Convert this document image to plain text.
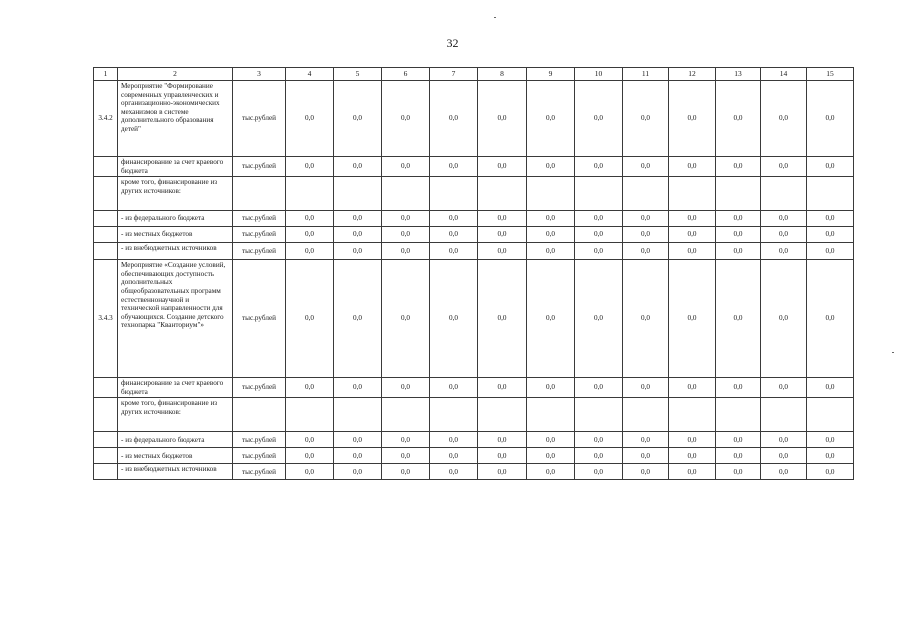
32
1	2	3	4	5	6	7	8	9	10	11	12	13	14	15
3.4.2	Мероприятие "Формирование современных управленческих и организационно-экономических механизмов в системе дополнительного образования детей"	тыс.рублей	0,0	0,0	0,0	0,0	0,0	0,0	0,0	0,0	0,0	0,0	0,0	0,0
	финансирование за счет краевого бюджета	тыс.рублей	0,0	0,0	0,0	0,0	0,0	0,0	0,0	0,0	0,0	0,0	0,0	0,0
	кроме того, финансирование из других источников:													
	- из федерального бюджета	тыс.рублей	0,0	0,0	0,0	0,0	0,0	0,0	0,0	0,0	0,0	0,0	0,0	0,0
	- из местных бюджетов	тыс.рублей	0,0	0,0	0,0	0,0	0,0	0,0	0,0	0,0	0,0	0,0	0,0	0,0
	- из внебюджетных источников	тыс.рублей	0,0	0,0	0,0	0,0	0,0	0,0	0,0	0,0	0,0	0,0	0,0	0,0
3.4.3	Мероприятие «Создание условий, обеспечивающих доступность дополнительных общеобразовательных программ естественнонаучной и технической направленности для обучающихся. Создание детского технопарка "Кванториум"»	тыс.рублей	0,0	0,0	0,0	0,0	0,0	0,0	0,0	0,0	0,0	0,0	0,0	0,0
	финансирование за счет краевого бюджета	тыс.рублей	0,0	0,0	0,0	0,0	0,0	0,0	0,0	0,0	0,0	0,0	0,0	0,0
	кроме того, финансирование из других источников:													
	- из федерального бюджета	тыс.рублей	0,0	0,0	0,0	0,0	0,0	0,0	0,0	0,0	0,0	0,0	0,0	0,0
	- из местных бюджетов	тыс.рублей	0,0	0,0	0,0	0,0	0,0	0,0	0,0	0,0	0,0	0,0	0,0	0,0
	- из внебюджетных источников	тыс.рублей	0,0	0,0	0,0	0,0	0,0	0,0	0,0	0,0	0,0	0,0	0,0	0,0
